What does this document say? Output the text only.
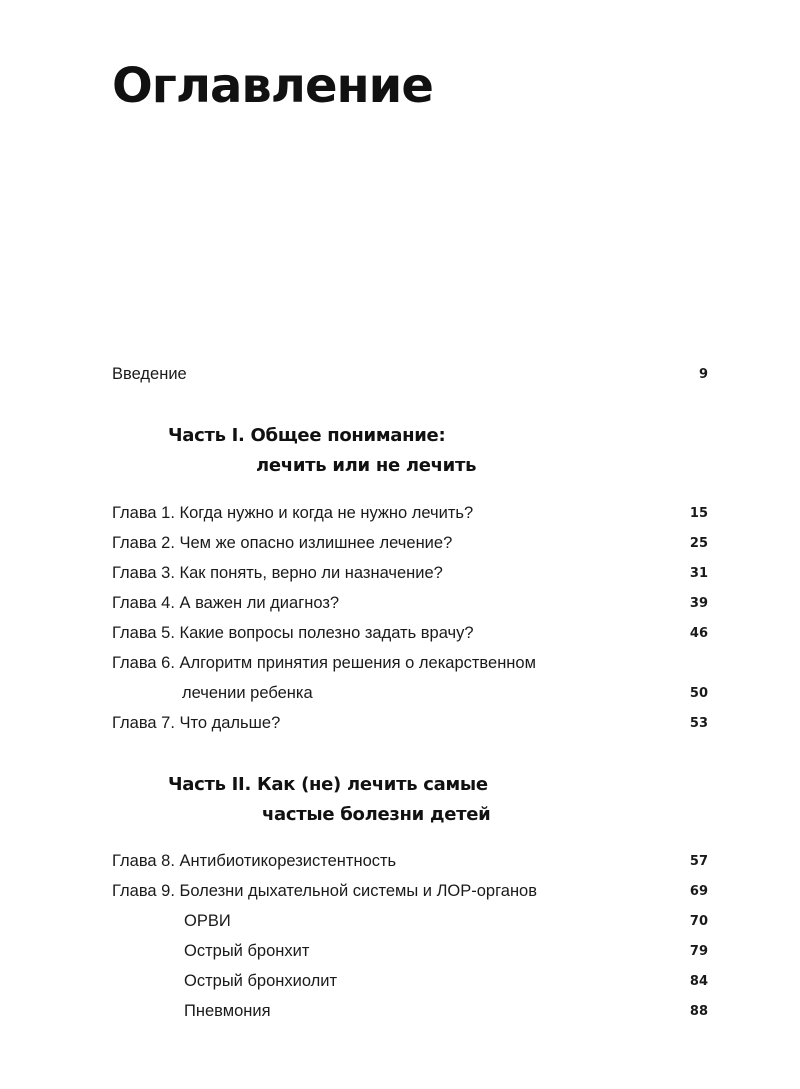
Оглавление
Введение	9
Часть I. Общее понимание:
лечить или не лечить
Глава 1. Когда нужно и когда не нужно лечить?	15
Глава 2. Чем же опасно излишнее лечение?	25
Глава 3. Как понять, верно ли назначение?	31
Глава 4. А важен ли диагноз?	39
Глава 5. Какие вопросы полезно задать врачу?	46
Глава 6. Алгоритм принятия решения о лекарственном
лечении ребенка	50
Глава 7. Что дальше?	53
Часть II. Как (не) лечить самые
частые болезни детей
Глава 8. Антибиотикорезистентность	57
Глава 9. Болезни дыхательной системы и ЛОР-органов	69
ОРВИ	70
Острый бронхит	79
Острый бронхиолит	84
Пневмония	88
